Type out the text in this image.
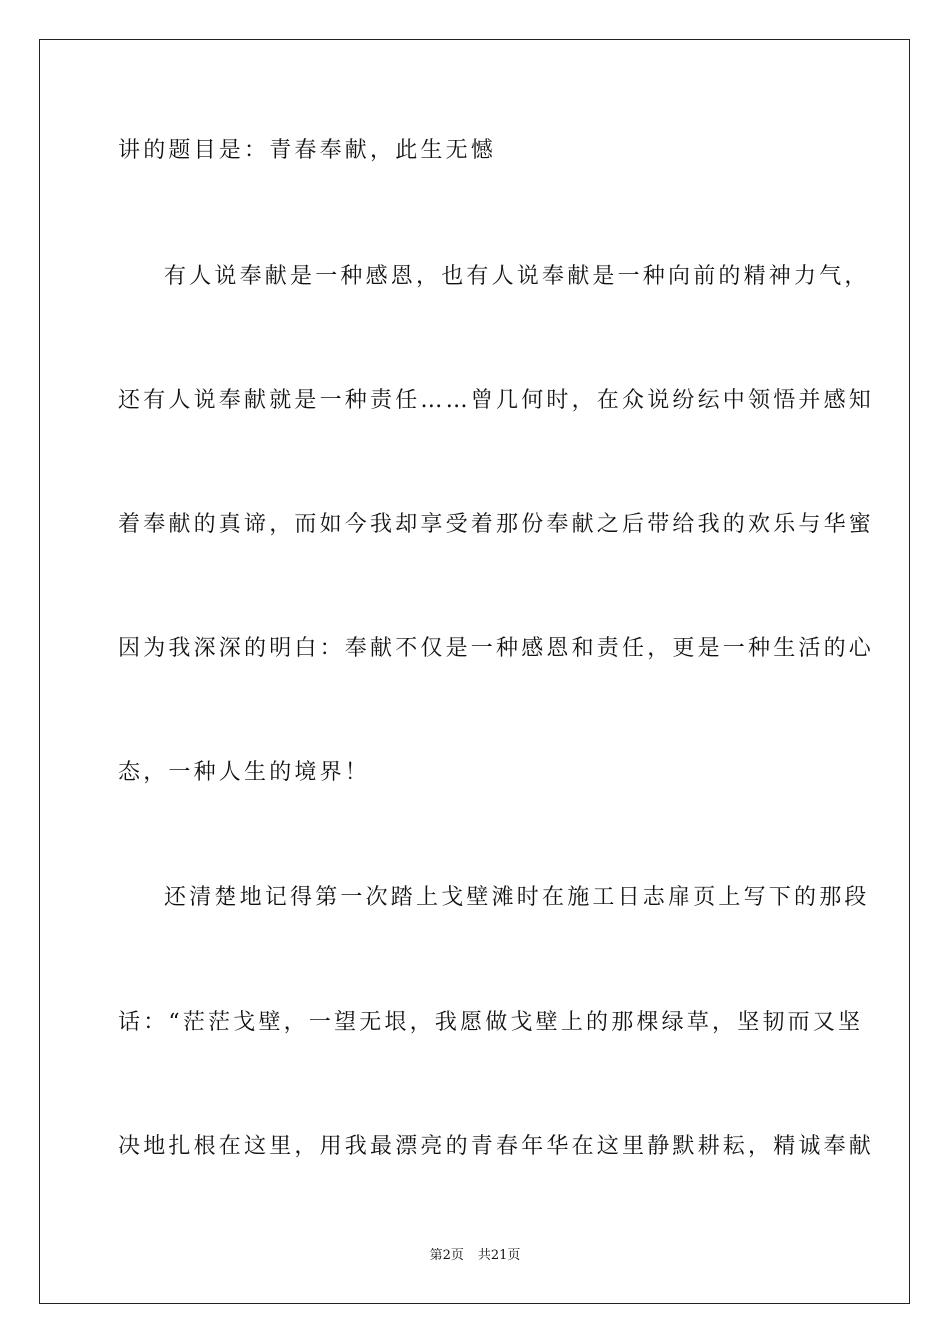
讲的题目是：青春奉献，此生无憾
有人说奉献是一种感恩，也有人说奉献是一种向前的精神力气，
还有人说奉献就是一种责任……曾几何时，在众说纷纭中领悟并感知
着奉献的真谛，而如今我却享受着那份奉献之后带给我的欢乐与华蜜
因为我深深的明白：奉献不仅是一种感恩和责任，更是一种生活的心
态，一种人生的境界！
还清楚地记得第一次踏上戈壁滩时在施工日志扉页上写下的那段
话：“茫茫戈壁，一望无垠，我愿做戈壁上的那棵绿草，坚韧而又坚
决地扎根在这里，用我最漂亮的青春年华在这里静默耕耘，精诚奉献
第2页 共21页
